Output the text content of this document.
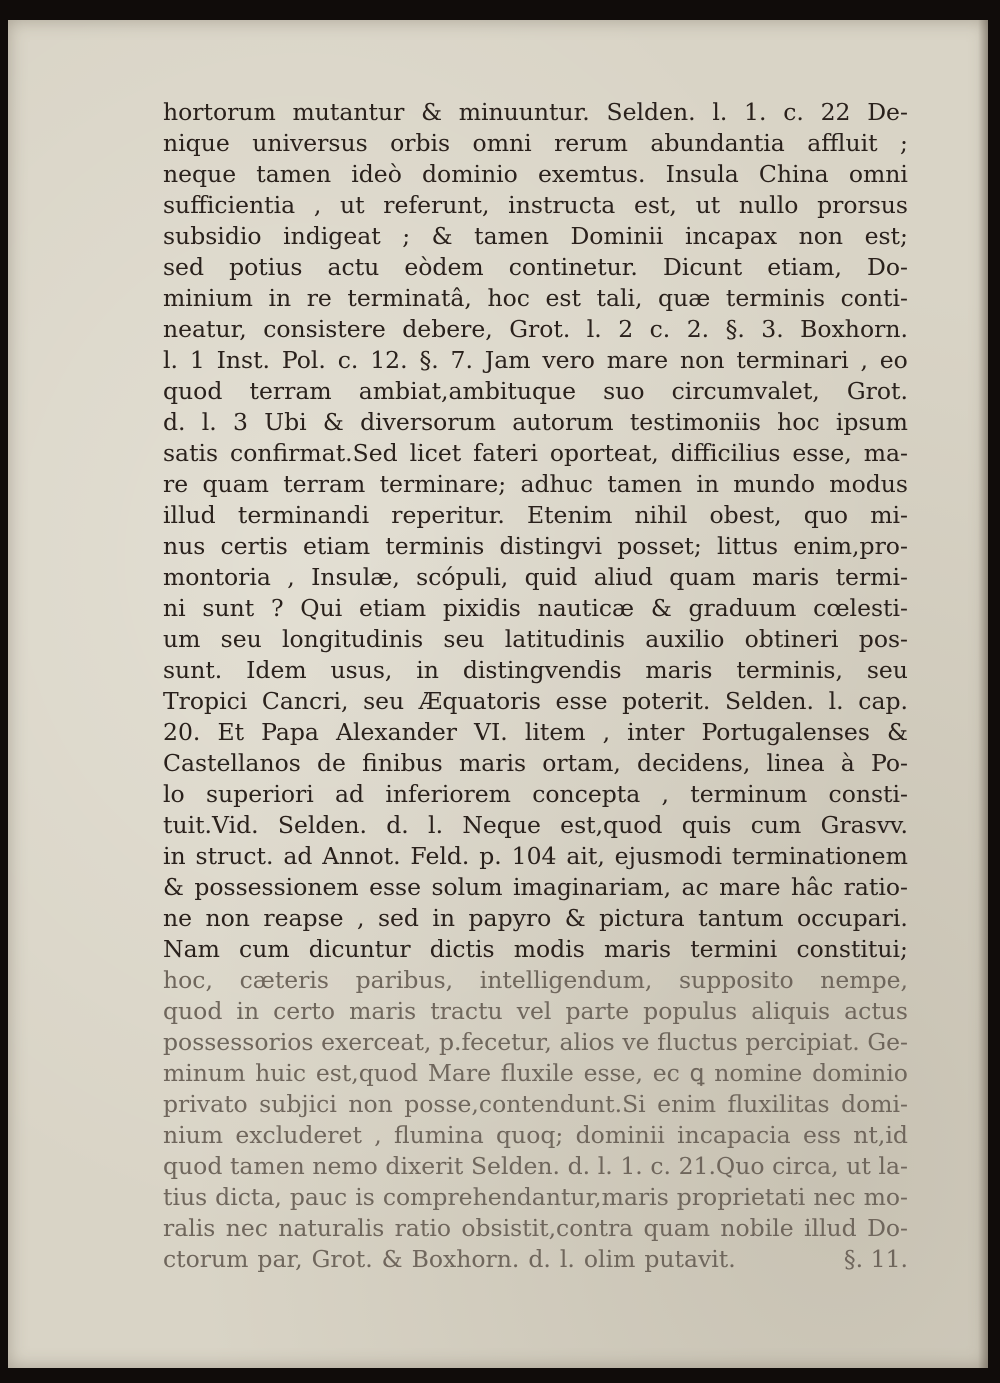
hortorum mutantur & minuuntur. Selden. l. 1. c. 22 De-
nique universus orbis omni rerum abundantia affluit ;
neque tamen ideò dominio exemtus. Insula China omni
sufficientia , ut referunt, instructa est, ut nullo prorsus
subsidio indigeat ; & tamen Dominii incapax non est;
sed potius actu eòdem continetur. Dicunt etiam, Do-
minium in re terminatâ, hoc est tali, quæ terminis conti-
neatur, consistere debere, Grot. l. 2 c. 2. §. 3. Boxhorn.
l. 1 Inst. Pol. c. 12. §. 7. Jam vero mare non terminari , eo
quod terram ambiat,ambituque suo circumvalet, Grot.
d. l. 3 Ubi & diversorum autorum testimoniis hoc ipsum
satis confirmat.Sed licet fateri oporteat, difficilius esse, ma-
re quam terram terminare; adhuc tamen in mundo modus
illud terminandi reperitur. Etenim nihil obest, quo mi-
nus certis etiam terminis distingvi posset; littus enim,pro-
montoria , Insulæ, scópuli, quid aliud quam maris termi-
ni sunt ? Qui etiam pixidis nauticæ & graduum cœlesti-
um seu longitudinis seu latitudinis auxilio obtineri pos-
sunt. Idem usus, in distingvendis maris terminis, seu
Tropici Cancri, seu Æquatoris esse poterit. Selden. l. cap.
20. Et Papa Alexander VI. litem , inter Portugalenses &
Castellanos de finibus maris ortam, decidens, linea à Po-
lo superiori ad inferiorem concepta , terminum consti-
tuit.Vid. Selden. d. l. Neque est,quod quis cum Grasvv.
in struct. ad Annot. Feld. p. 104 ait, ejusmodi terminationem
& possessionem esse solum imaginariam, ac mare hâc ratio-
ne non reapse , sed in papyro & pictura tantum occupari.
Nam cum dicuntur dictis modis maris termini constitui;
hoc, cæteris paribus, intelligendum, supposito nempe,
quod in certo maris tractu vel parte populus aliquis actus
possessorios exerceat, p.fecetur, alios ve fluctus percipiat. Ge-
minum huic est,quod Mare fluxile esse, ec ꝗ nomine dominio
privato subjici non posse,contendunt.Si enim fluxilitas domi-
nium excluderet , flumina quoq; dominii incapacia ess nt,id
quod tamen nemo dixerit Selden. d. l. 1. c. 21.Quo circa, ut la-
tius dicta, pauc is comprehendantur,maris proprietati nec mo-
ralis nec naturalis ratio obsistit,contra quam nobile illud Do-
ctorum par, Grot. & Boxhorn. d. l. olim putavit.	§. 11.
